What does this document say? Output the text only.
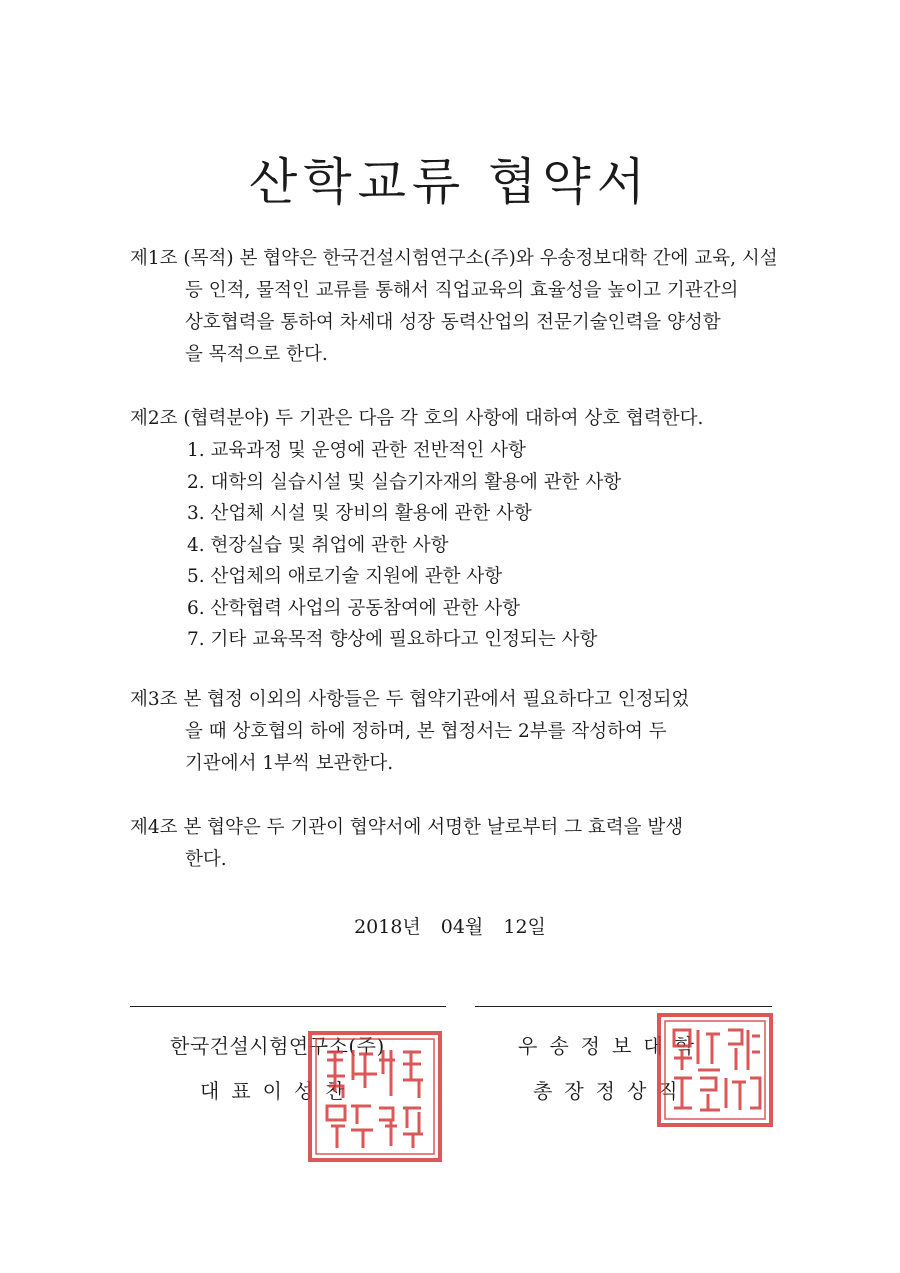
산학교류 협약서
제1조 (목적) 본 협약은 한국건설시험연구소(주)와 우송정보대학 간에 교육, 시설
등 인적, 물적인 교류를 통해서 직업교육의 효율성을 높이고 기관간의
상호협력을 통하여 차세대 성장 동력산업의 전문기술인력을 양성함
을 목적으로 한다.
제2조 (협력분야) 두 기관은 다음 각 호의 사항에 대하여 상호 협력한다.
1. 교육과정 및 운영에 관한 전반적인 사항
2. 대학의 실습시설 및 실습기자재의 활용에 관한 사항
3. 산업체 시설 및 장비의 활용에 관한 사항
4. 현장실습 및 취업에 관한 사항
5. 산업체의 애로기술 지원에 관한 사항
6. 산학협력 사업의 공동참여에 관한 사항
7. 기타 교육목적 향상에 필요하다고 인정되는 사항
제3조 본 협정 이외의 사항들은 두 협약기관에서 필요하다고 인정되었
을 때 상호협의 하에 정하며, 본 협정서는 2부를 작성하여 두
기관에서 1부씩 보관한다.
제4조 본 협약은 두 기관이 협약서에 서명한 날로부터 그 효력을 발생
한다.
2018년 04월 12일
한국건설시험연구소(주)
대표이성찬
우송정보대학
총장정상직
